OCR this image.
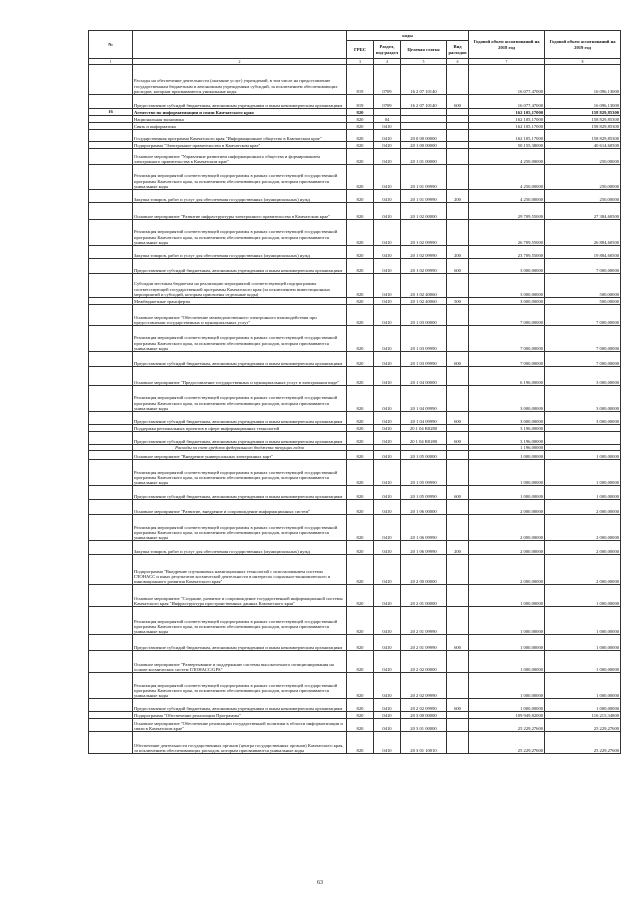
№		коды				Годовой объем ассигнований на 2018 год	Годовой объем ассигнований на 2019 год
		ГРБС	Раздел, под-раздел	Целевая статья	Вид расходов		
1	2	3	4	5	6	7	8
	Расходы на обеспечение деятельности (оказание услуг) учреждений, в том числе на предоставление государственным бюджетным и автономным учреждениям субсидий, за исключением обеспечивающих расходов, которым присваиваются уникальные коды	819	0709	16 2 07 10140		16 077,47000	16 096,13000
	Предоставление субсидий бюджетным, автономным учреждениям и иным некоммерческим организациям	819	0709	16 2 07 10140	600	16 077,47000	16 096,13000
16	Агентство по информатизации и связи Камчатского края	820				162 105,17000	158 829,85300
	Национальная экономика	820	04			162 105,17000	158 829,85300
	Связь и информатика	820	0410			162 105,17000	158 829,85300
	Государственная программа Камчатского края "Информационное общество в Камчатском крае"	820	0410	20 0 00 00000		162 105,17000	158 829,85300
	Подпрограмма "Электронное правительство в Камчатском крае"	820	0410	20 1 00 00000		50 155,38000	40 614,60500
	Основное мероприятие "Управление развитием информационного общества и формированием электронного правительства в Камчатском крае"	820	0410	20 1 01 00000		4 250,00000	250,00000
	Реализация мероприятий соответствующей подпрограммы в рамках соответствующей государственной программы Камчатского края, за исключением обеспечивающих расходов, которым присваиваются уникальные коды	820	0410	20 1 01 09990		4 250,00000	250,00000
	Закупка товаров, работ и услуг для обеспечения государственных (муниципальных) нужд	820	0410	20 1 01 09990	200	4 250,00000	250,00000
	Основное мероприятие "Развитие инфраструктуры электронного правительства в Камчатском крае"	820	0410	20 1 02 00000		29 709,55000	27 384,60500
	Реализация мероприятий соответствующей подпрограммы в рамках соответствующей государственной программы Камчатского края, за исключением обеспечивающих расходов, которым присваиваются уникальные коды	820	0410	20 1 02 09990		26 709,55000	26 884,60500
	Закупка товаров, работ и услуг для обеспечения государственных (муниципальных) нужд	820	0410	20 1 02 09990	200	23 709,55000	19 884,60500
	Предоставление субсидий бюджетным, автономным учреждениям и иным некоммерческим организациям	820	0410	20 1 02 09990	600	3 000,00000	7 000,00000
	Субсидии местным бюджетам на реализацию мероприятий соответствующей подпрограммы соответствующей государственной программы Камчатского края (за исключением инвестиционных мероприятий и субсидий, которым присвоены отдельные коды)	820	0410	20 1 02 40060		3 000,00000	500,00000
	Межбюджетные трансферты	820	0410	20 1 02 40060	500	3 000,00000	500,00000
	Основное мероприятие "Обеспечение межведомственного электронного взаимодействия при предоставлении государственных и муниципальных услуг"	820	0410	20 1 03 00000		7 000,00000	7 000,00000
	Реализация мероприятий соответствующей подпрограммы в рамках соответствующей государственной программы Камчатского края, за исключением обеспечивающих расходов, которым присваиваются уникальные коды	820	0410	20 1 03 09990		7 000,00000	7 000,00000
	Предоставление субсидий бюджетным, автономным учреждениям и иным некоммерческим организациям	820	0410	20 1 03 09990	600	7 000,00000	7 000,00000
	Основное мероприятие "Предоставление государственных и муниципальных услуг в электронном виде"	820	0410	20 1 04 00000		6 196,00000	3 000,00000
	Реализация мероприятий соответствующей подпрограммы в рамках соответствующей государственной программы Камчатского края, за исключением обеспечивающих расходов, которым присваиваются уникальные коды	820	0410	20 1 04 09990		3 000,00000	3 000,00000
	Предоставление субсидий бюджетным, автономным учреждениям и иным некоммерческим организациям	820	0410	20 1 04 09990	600	3 000,00000	3 000,00000
	Поддержка региональных проектов в сфере информационных технологий	820	0410	20 1 04 R0280		3 196,00000	
	Предоставление субсидий бюджетным, автономным учреждениям и иным некоммерческим организациям	820	0410	20 1 04 R0280	600	3 196,00000	
	Расходы за счет средств федерального бюджета текущих годов					1 196,00000	
	Основное мероприятие "Внедрение универсальных электронных карт"	820	0410	20 1 05 00000		1 000,00000	1 000,00000
	Реализация мероприятий соответствующей подпрограммы в рамках соответствующей государственной программы Камчатского края, за исключением обеспечивающих расходов, которым присваиваются уникальные коды	820	0410	20 1 05 09990		1 000,00000	1 000,00000
	Предоставление субсидий бюджетным, автономным учреждениям и иным некоммерческим организациям	820	0410	20 1 05 09990	600	1 000,00000	1 000,00000
	Основное мероприятие "Развитие, внедрение и сопровождение информационных систем"	820	0410	20 1 06 00000		2 000,00000	2 000,00000
	Реализация мероприятий соответствующей подпрограммы в рамках соответствующей государственной программы Камчатского края, за исключением обеспечивающих расходов, которым присваиваются уникальные коды	820	0410	20 1 06 09990		2 000,00000	2 000,00000
	Закупка товаров, работ и услуг для обеспечения государственных (муниципальных) нужд	820	0410	20 1 06 09990	200	2 000,00000	2 000,00000
	Подпрограмма "Внедрение спутниковых навигационных технологий с использованием системы ГЛОНАСС и иных результатов космической деятельности в интересах социально-экономического и инновационного развития Камчатского края"	820	0410	20 2 00 00000		2 000,00000	2 000,00000
	Основное мероприятие "Создание, развитие и сопровождение государственной информационной системы Камчатского края "Инфраструктура пространственных данных Камчатского края"	820	0410	20 2 01 00000		1 000,00000	1 000,00000
	Реализация мероприятий соответствующей подпрограммы в рамках соответствующей государственной программы Камчатского края, за исключением обеспечивающих расходов, которым присваиваются уникальные коды	820	0410	20 2 01 09990		1 000,00000	1 000,00000
	Предоставление субсидий бюджетным, автономным учреждениям и иным некоммерческим организациям	820	0410	20 2 01 09990	600	1 000,00000	1 000,00000
	Основное мероприятие "Развертывание и поддержание системы высокоточного позиционирования на основе космических систем ГЛОНАСС/GPS"	820	0410	20 2 02 00000		1 000,00000	1 000,00000
	Реализация мероприятий соответствующей подпрограммы в рамках соответствующей государственной программы Камчатского края, за исключением обеспечивающих расходов, которым присваиваются уникальные коды	820	0410	20 2 02 09990		1 000,00000	1 000,00000
	Предоставление субсидий бюджетным, автономным учреждениям и иным некоммерческим организациям	820	0410	20 2 02 09990	600	1 000,00000	1 000,00000
	Подпрограмма "Обеспечение реализации Программы"	820	0410	20 3 00 00000		109 949,82000	116 215,34800
	Основное мероприятие "Обеспечение реализации государственной политики в области информатизации и связи в Камчатском крае"	820	0410	20 3 01 00000		25 229,27600	25 229,27600
	Обеспечение деятельности государственных органов (центра государственных органов) Камчатского края, за исключением обеспечивающих расходов, которым присваиваются уникальные коды	820	0410	20 3 01 10010		25 229,27600	25 229,27600
63
